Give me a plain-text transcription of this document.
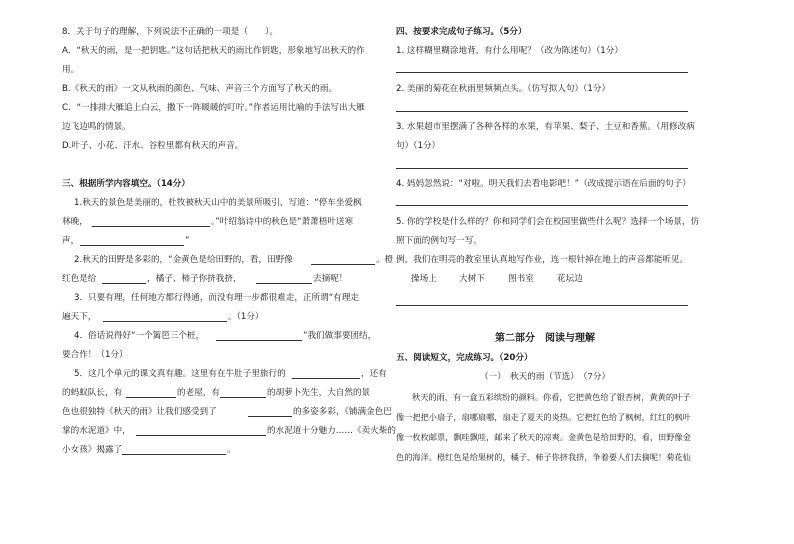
8．关于句子的理解，下列说法不正确的一项是（　　）。
A．“秋天的雨，是一把钥匙。”这句话把秋天的雨比作钥匙，形象地写出秋天的作
用。
B.《秋天的雨》一文从秋雨的颜色、气味、声音三个方面写了秋天的雨。
C．“一排排大雁追上白云，撒下一阵暖暖的叮咛。”作者运用比喻的手法写出大雁
边飞边鸣的情景。
D.叶子、小花、汗水、谷粒里都有秋天的声音。
三、根据所学内容填空。（14分）
1.秋天的景色是美丽的，杜牧被秋天山中的美景所吸引，写道：“停车坐爱枫
林晚，	。”叶绍翁诗中的秋色是“萧萧梧叶送寒
声，	”
2.秋天的田野是多彩的，“金黄色是给田野的，看，田野像	。橙
红色是给	，橘子、柿子你挤我挤，	去摘呢！
3．只要有理，任何地方都行得通，而没有理一步都很难走，正所谓“有理走
遍天下，	。（1分）
4．俗话说得好“一个篱笆三个桩，	”我们做事要团结，
要合作！（1分）
5．这几个单元的课文真有趣。这里有在牛肚子里旅行的	，还有
的蚂蚁队长，有	的老屋，有	的胡萝卜先生，大自然的景
色也很独特《秋天的雨》让我们感受到了	的多姿多彩，《铺满金色巴
掌的水泥道》中，	的水泥道十分魅力……《卖火柴的
小女孩》揭露了	。
四、按要求完成句子练习。（5分）
1. 这样糊里糊涂地背，有什么用呢？（改为陈述句）（1分）
2. 美丽的菊花在秋雨里频频点头。（仿写拟人句）（1分）
3. 水果超市里摆满了各种各样的水果，有苹果、梨子、土豆和香蕉。（用修改病
句）（1分）
4. 妈妈忽然说：“对啦。明天我们去看电影吧！”（改成提示语在后面的句子）
5. 你的学校是什么样的？你和同学们会在校园里做些什么呢？选择一个场景，仿
照下面的例句写一写。
例，我们在明亮的教室里认真地写作业，连一根针掉在地上的声音都能听见。
操场上	大树下	图书室	花坛边
第二部分　阅读与理解
五、阅读短文，完成练习。（20分）
（一）　秋天的雨（节选）　（7分）
秋天的雨，有一盒五彩缤纷的颜料。你看，它把黄色给了银杏树，黄黄的叶子
像一把把小扇子，扇哪扇哪，扇走了夏天的炎热。它把红色给了枫树，红红的枫叶
像一枚枚邮票，飘哇飘哇，邮来了秋天的凉爽。金黄色是给田野的，看，田野像金
色的海洋。橙红色是给果树的，橘子、柿子你挤我挤，争着要人们去摘呢！菊花仙
